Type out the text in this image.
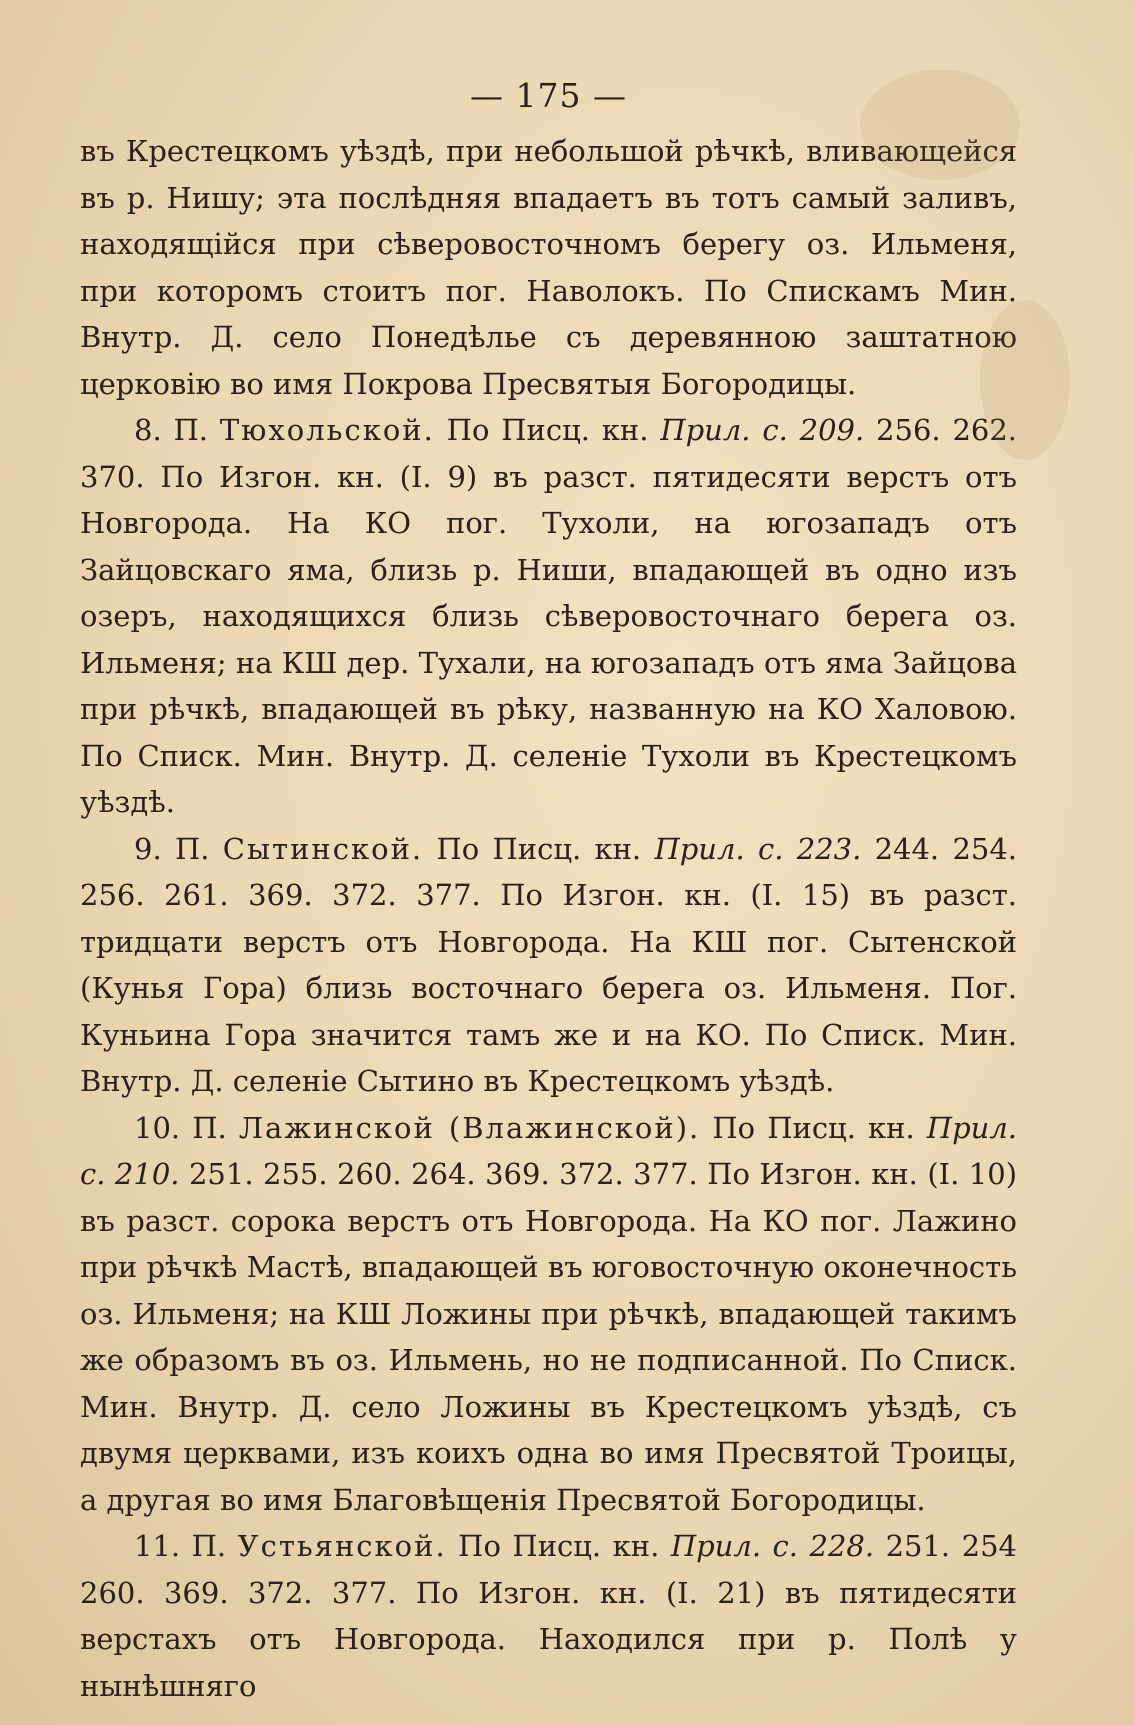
— 175 —

въ Крестецкомъ уѣздѣ, при небольшой рѣчкѣ, вливающейся въ р. Нишу; эта послѣдняя впадаетъ въ тотъ самый заливъ, находящійся при сѣверовосточномъ берегу оз. Ильменя, при которомъ стоитъ пог. Наволокъ. По Спискамъ Мин. Внутр. Д. село Понедѣлье съ деревянною заштатною церковію во имя Покрова Пресвятыя Богородицы.

8. П. Тюхольской. По Писц. кн. Прил. с. 209. 256. 262. 370. По Изгон. кн. (I. 9) въ разст. пятидесяти верстъ отъ Новгорода. На КО пог. Тухоли, на югозападъ отъ Зайцовскаго яма, близь р. Ниши, впадающей въ одно изъ озеръ, находящихся близь сѣверовосточнаго берега оз. Ильменя; на КШ дер. Тухали, на югозападъ отъ яма Зайцова при рѣчкѣ, впадающей въ рѣку, названную на КО Халовою. По Списк. Мин. Внутр. Д. селеніе Тухоли въ Крестецкомъ уѣздѣ.

9. П. Сытинской. По Писц. кн. Прил. с. 223. 244. 254. 256. 261. 369. 372. 377. По Изгон. кн. (I. 15) въ разст. тридцати верстъ отъ Новгорода. На КШ пог. Сытенской (Кунья Гора) близь восточнаго берега оз. Ильменя. Пог. Куньина Гора значится тамъ же и на КО. По Списк. Мин. Внутр. Д. селеніе Сытино въ Крестецкомъ уѣздѣ.

10. П. Лажинской (Влажинской). По Писц. кн. Прил. с. 210. 251. 255. 260. 264. 369. 372. 377. По Изгон. кн. (I. 10) въ разст. сорока верстъ отъ Новгорода. На КО пог. Лажино при рѣчкѣ Мастѣ, впадающей въ юговосточную оконечность оз. Ильменя; на КШ Ложины при рѣчкѣ, впадающей такимъ же образомъ въ оз. Ильмень, но не подписанной. По Списк. Мин. Внутр. Д. село Ложины въ Крестецкомъ уѣздѣ, съ двумя церквами, изъ коихъ одна во имя Пресвятой Троицы, а другая во имя Благовѣщенія Пресвятой Богородицы.

11. П. Устьянской. По Писц. кн. Прил. с. 228. 251. 254 260. 369. 372. 377. По Изгон. кн. (I. 21) въ пятидесяти верстахъ отъ Новгорода. Находился при р. Полѣ у нынѣшняго
